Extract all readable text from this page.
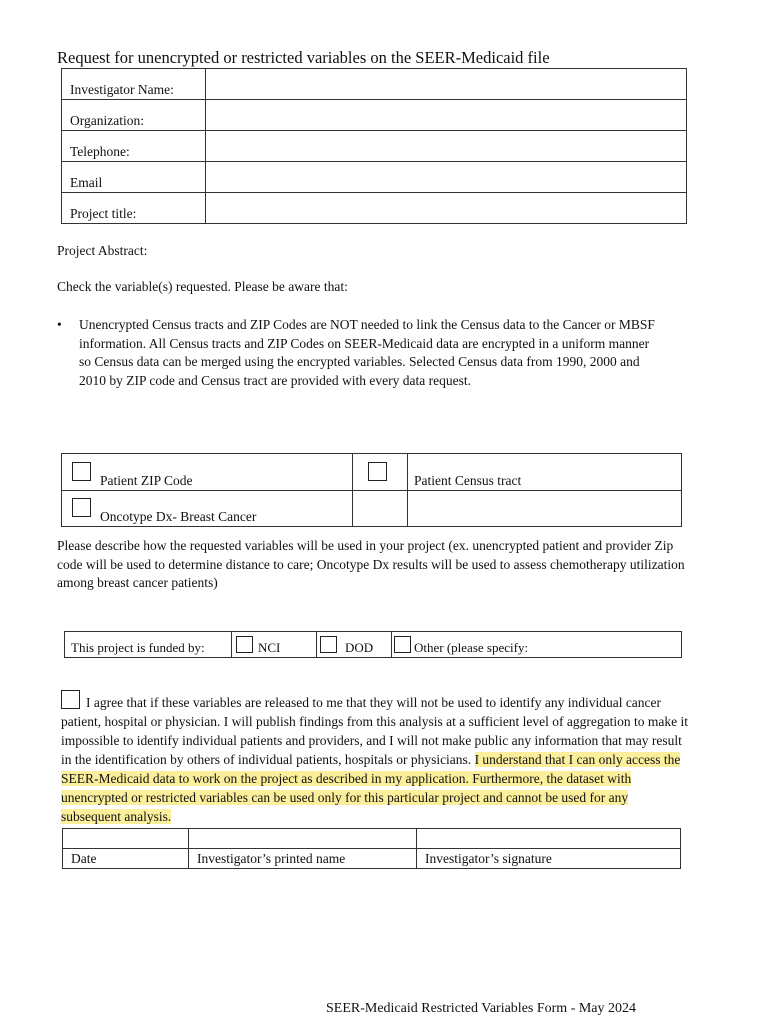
Request for unencrypted or restricted variables on the SEER-Medicaid file
Investigator Name:	
Organization:	
Telephone:	
Email	
Project title:	
Project Abstract:
Check the variable(s) requested. Please be aware that:
• Unencrypted Census tracts and ZIP Codes are NOT needed to link the Census data to the Cancer or MBSF information. All Census tracts and ZIP Codes on SEER-Medicaid data are encrypted in a uniform manner so Census data can be merged using the encrypted variables. Selected Census data from 1990, 2000 and 2010 by ZIP code and Census tract are provided with every data request.
Patient ZIP Code		Patient Census tract

Oncotype Dx- Breast Cancer		
Please describe how the requested variables will be used in your project (ex. unencrypted patient and provider Zip code will be used to determine distance to care; Oncotype Dx results will be used to assess chemotherapy utilization among breast cancer patients)
This project is funded by:	NCI	DOD	Other (please specify:
I agree that if these variables are released to me that they will not be used to identify any individual cancer patient, hospital or physician. I will publish findings from this analysis at a sufficient level of aggregation to make it impossible to identify individual patients and providers, and I will not make public any information that may result in the identification by others of individual patients, hospitals or physicians. I understand that I can only access the SEER-Medicaid data to work on the project as described in my application. Furthermore, the dataset with unencrypted or restricted variables can be used only for this particular project and cannot be used for any subsequent analysis.

Date	Investigator’s printed name	Investigator’s signature
SEER-Medicaid Restricted Variables Form - May 2024
